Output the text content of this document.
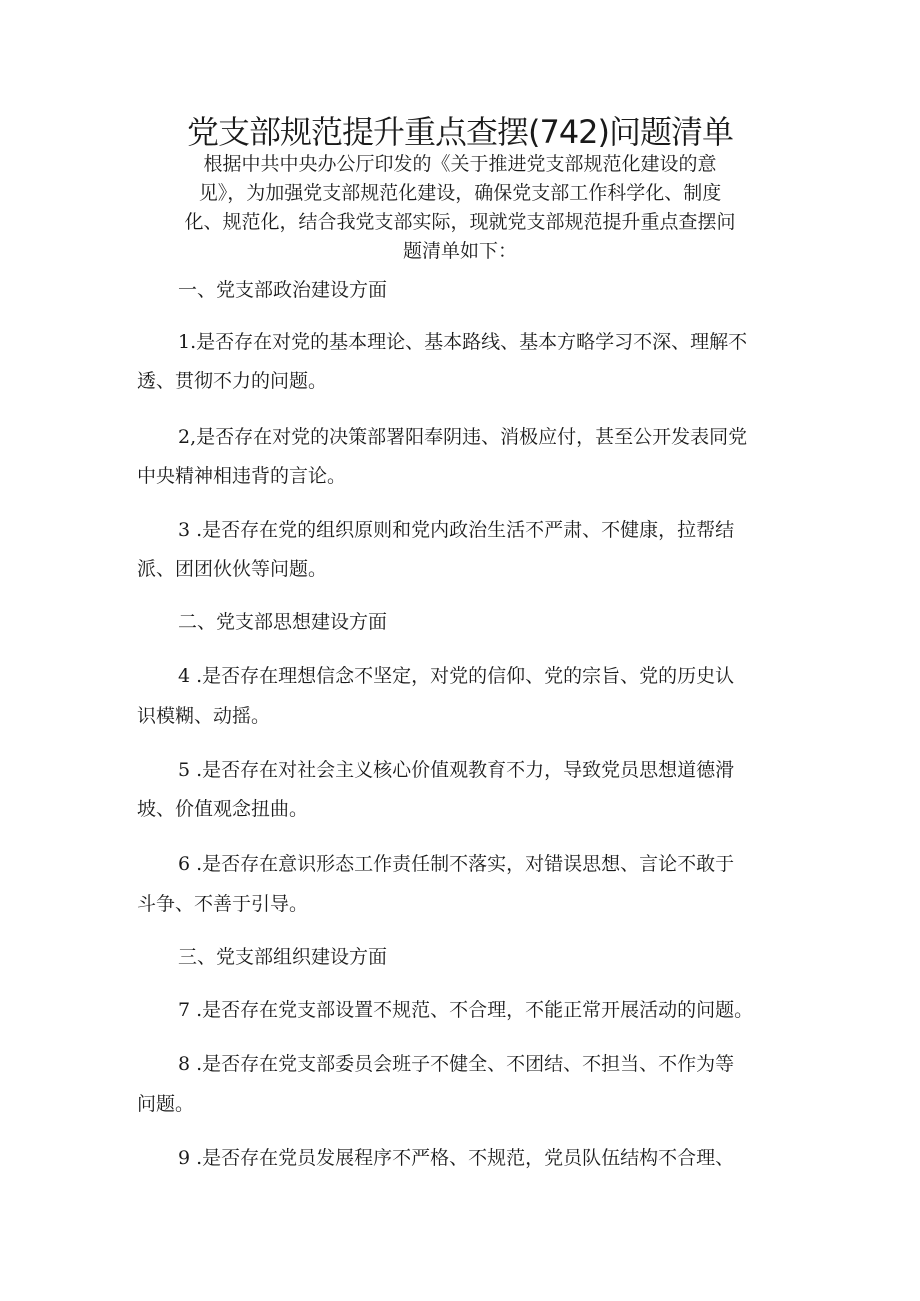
党支部规范提升重点查摆(742)问题清单

根据中共中央办公厅印发的《关于推进党支部规范化建设的意
见》，为加强党支部规范化建设，确保党支部工作科学化、制度
化、规范化，结合我党支部实际，现就党支部规范提升重点查摆问
题清单如下：

一、党支部政治建设方面

1.是否存在对党的基本理论、基本路线、基本方略学习不深、理解不

透、贯彻不力的问题。

2,是否存在对党的决策部署阳奉阴违、消极应付，甚至公开发表同党

中央精神相违背的言论。

3 .是否存在党的组织原则和党内政治生活不严肃、不健康，拉帮结

派、团团伙伙等问题。

二、党支部思想建设方面

4 .是否存在理想信念不坚定，对党的信仰、党的宗旨、党的历史认

识模糊、动摇。

5 .是否存在对社会主义核心价值观教育不力，导致党员思想道德滑

坡、价值观念扭曲。

6 .是否存在意识形态工作责任制不落实，对错误思想、言论不敢于

斗争、不善于引导。

三、党支部组织建设方面

7 .是否存在党支部设置不规范、不合理，不能正常开展活动的问题。

8 .是否存在党支部委员会班子不健全、不团结、不担当、不作为等

问题。

9 .是否存在党员发展程序不严格、不规范，党员队伍结构不合理、
